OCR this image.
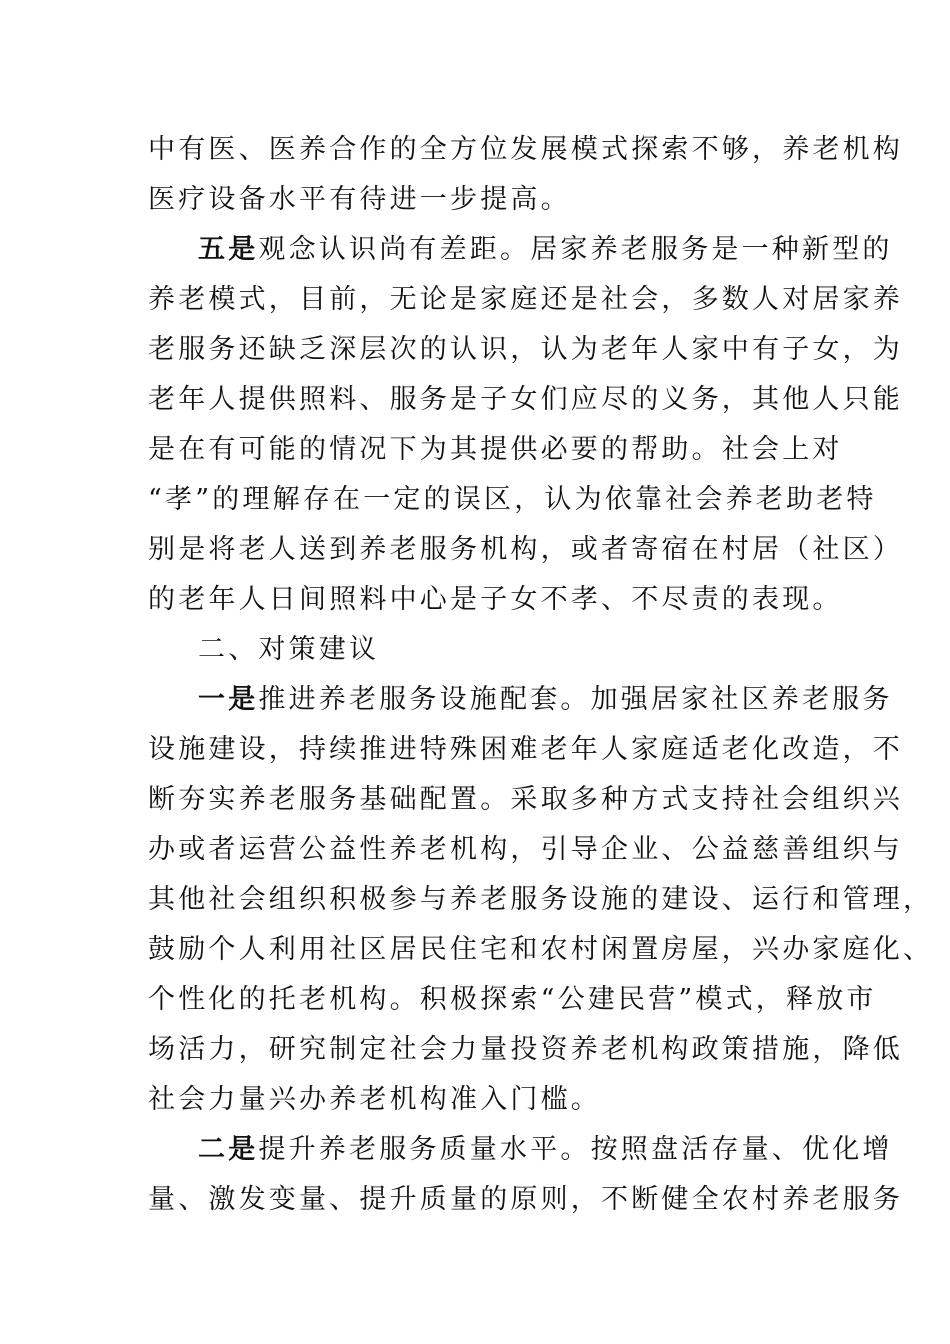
中有医、医养合作的全方位发展模式探索不够，养老机构
医疗设备水平有待进一步提高。
五是观念认识尚有差距。居家养老服务是一种新型的
养老模式，目前，无论是家庭还是社会，多数人对居家养
老服务还缺乏深层次的认识，认为老年人家中有子女，为
老年人提供照料、服务是子女们应尽的义务，其他人只能
是在有可能的情况下为其提供必要的帮助。社会上对
“孝”的理解存在一定的误区，认为依靠社会养老助老特
别是将老人送到养老服务机构，或者寄宿在村居（社区）
的老年人日间照料中心是子女不孝、不尽责的表现。
二、对策建议
一是推进养老服务设施配套。加强居家社区养老服务
设施建设，持续推进特殊困难老年人家庭适老化改造，不
断夯实养老服务基础配置。采取多种方式支持社会组织兴
办或者运营公益性养老机构，引导企业、公益慈善组织与
其他社会组织积极参与养老服务设施的建设、运行和管理，
鼓励个人利用社区居民住宅和农村闲置房屋，兴办家庭化、
个性化的托老机构。积极探索“公建民营”模式，释放市
场活力，研究制定社会力量投资养老机构政策措施，降低
社会力量兴办养老机构准入门槛。
二是提升养老服务质量水平。按照盘活存量、优化增
量、激发变量、提升质量的原则，不断健全农村养老服务
